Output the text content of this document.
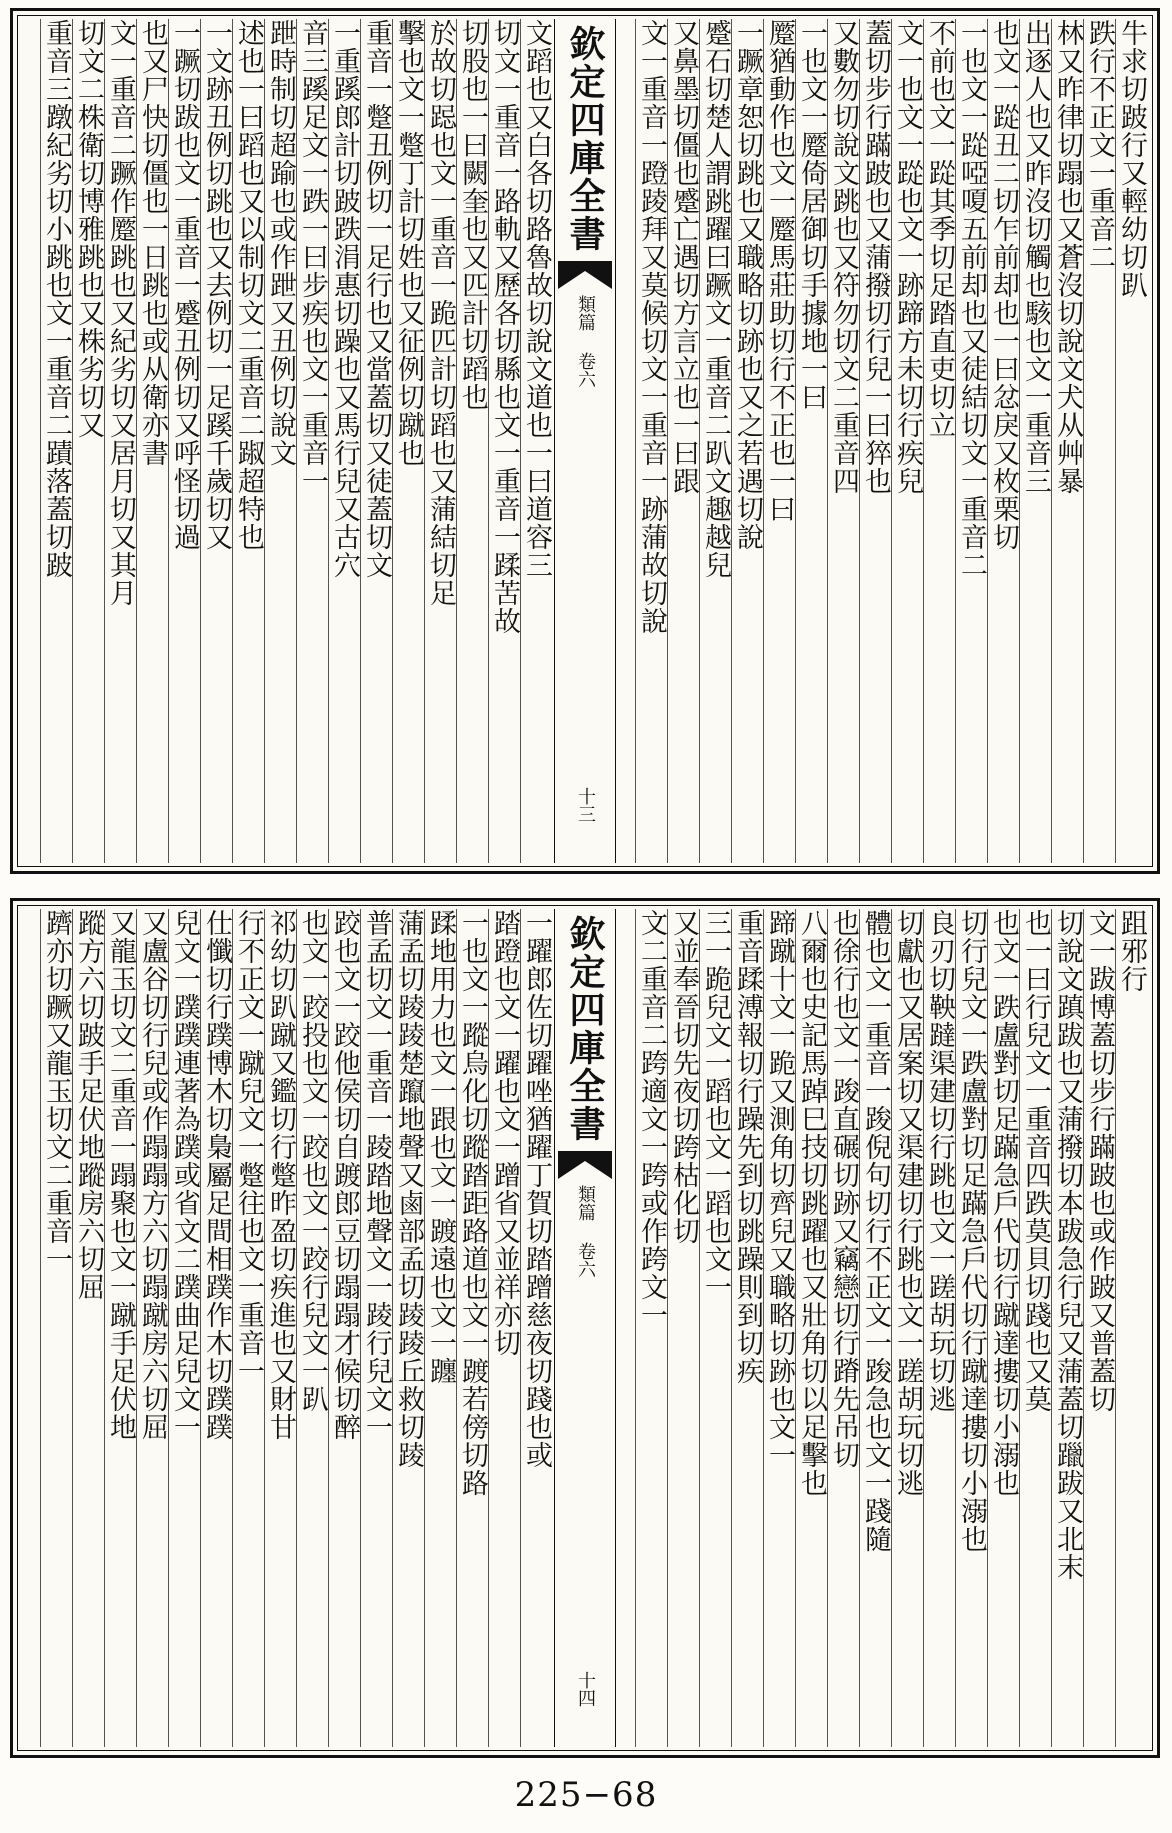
牛求切跛行又輕幼切趴
跌行不正文一重音二
林又昨律切蹋也又蒼沒切說文犬从艸暴
出逐人也又昨沒切觸也駭也文一重音三
也文一踨丑二切乍前却也一曰忿戾又枚栗切
一也文一踨啞嗄五前却也又徒結切文一重音二
不前也文一踨其季切足踏直吏切立
文一也文一踨也文一跡蹄方未切行疾兒
蓋切步行蹣跛也又蒲撥切行兒一曰猝也
又數勿切說文跳也又符勿切文二重音四
一也文一蹷倚居御切手據地一曰
蹷猶動作也文一蹷馬莊助切行不正也一曰
一蹶章恕切跳也又職略切跡也又之若遇切說
蹙石切楚人謂跳躍曰蹶文一重音二趴文趣越兒
又鼻墨切僵也蹙亡遇切方言立也一曰跟
文一重音一蹬踜拜又莫候切文一重音一跡蒲故切說
欽定四庫全書
類篇 卷六
十三
文蹈也又白各切路魯故切說文道也一曰道容三
切文一重音一路軌又歷各切縣也文一重音一蹂苦故
切股也一曰闕奎也又匹計切蹈也
於故切跽也文一重音一跪匹計切蹈也又蒲結切足
擊也文一蹩丁計切姓也又征例切蹴也
重音一蹩丑例切一足行也又當蓋切又徒蓋切文
一重蹊郎計切跛跌涓惠切躁也又馬行兒又古穴
音三蹊足文一跌一曰步疾也文一重音一
跇時制切超踰也或作跇又丑例切說文
述也一曰蹈也又以制切文二重音二踧超特也
一文跡丑例切跳也又去例切一足蹊千歲切又
一蹶切跋也文一重音一蹙丑例切又呼怪切過
也又尸快切僵也一日跳也或从衛亦書
文一重音二蹶作蹷跳也又紀劣切又居月切又其月
切文二株衛切博雅跳也又株劣切又
重音三蹾紀劣切小跳也文一重音二蹟落蓋切跛
跙邪行
文一跋博蓋切步行蹣跛也或作跛又普蓋切
切說文蹎跋也又蒲撥切本跋急行兒又蒲蓋切躐跋又北末
也一曰行兒文一重音四跌莫貝切踐也又莫
也文一跌盧對切足蹣急戶代切行蹴達摟切小溺也
切行兒文一跌盧對切足蹣急戶代切行蹴達摟切小溺也
良刃切鞅躂渠建切行跳也文一蹉胡玩切逃
切獻也又居案切又渠建切行跳也文一蹉胡玩切逃
體也文一重音一踆倪句切行不正文一踆急也文一踐隨
也徐行也文一踆直碾切跡又竊戀切行蹐先吊切
八爾也史記馬踔巳技切跳躍也又壯角切以足擊也
蹄蹴十文一跪又測角切齊兒又職略切跡也文一
重音蹂溥報切行躁先到切跳躁則到切疾
三一跪兒文一蹈也文一蹈也文一
又並奉晉切先夜切跨枯化切
文二重音二跨適文一跨或作跨文一
欽定四庫全書
類篇 卷六
十四
一躍郎佐切躍唑猶躍丁賀切踏蹭慈夜切踐也或
踏蹬也文一躍也文一蹭省又並祥亦切
一也文一蹤烏化切蹤踏距路道也文一踱若傍切路
蹂地用力也文一跟也文一踱遠也文一躔
蒲孟切踜踜楚躥地聲又鹵部孟切踜踜丘救切踜
普孟切文一重音一踜踏地聲文一踜行兒文一
跤也文一跤他侯切自踱郎豆切蹋蹋才候切醉
也文一跤投也文一跤也文一跤行兒文一趴
祁幼切趴蹴又鑑切行蹩昨盈切疾進也又財甘
行不正文一蹴兒文一蹩往也文一重音一
仕懺切行蹼博木切梟屬足間相蹼作木切蹼蹼
兒文一蹼蹼連著為蹼或省文二蹼曲足兒文一
又盧谷切行兒或作蹋蹋方六切蹋蹴房六切屈
又龍玉切文二重音一蹋聚也文一蹴手足伏地
蹤方六切跛手足伏地蹤房六切屈
躋亦切蹶又龍玉切文二重音一
225−68
